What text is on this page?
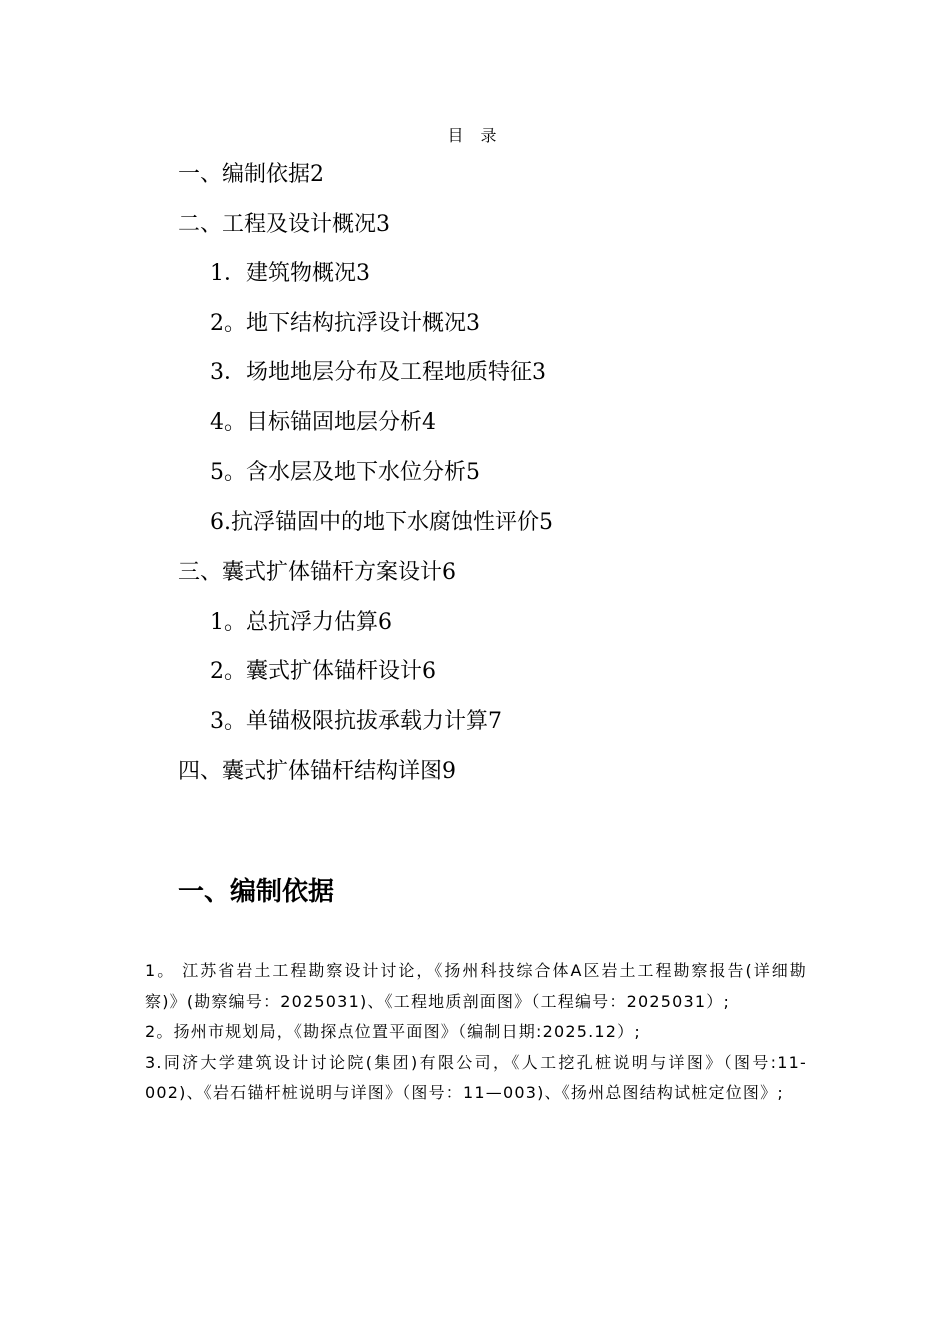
目 录
一、编制依据2
二、工程及设计概况3
1．建筑物概况3
2。地下结构抗浮设计概况3
3．场地地层分布及工程地质特征3
4。目标锚固地层分析4
5。含水层及地下水位分析5
6.抗浮锚固中的地下水腐蚀性评价5
三、囊式扩体锚杆方案设计6
1。总抗浮力估算6
2。囊式扩体锚杆设计6
3。单锚极限抗拔承载力计算7
四、囊式扩体锚杆结构详图9
一、编制依据

1。 江苏省岩土工程勘察设计讨论，《扬州科技综合体A区岩土工程勘察报告(详细勘察)》(勘察编号：2025031)、《工程地质剖面图》（工程编号：2025031）;

2。扬州市规划局，《勘探点位置平面图》（编制日期:2025.12）;

3.同济大学建筑设计讨论院(集团)有限公司，《人工挖孔桩说明与详图》（图号:11-002)、《岩石锚杆桩说明与详图》（图号：11—003)、《扬州总图结构试桩定位图》;
